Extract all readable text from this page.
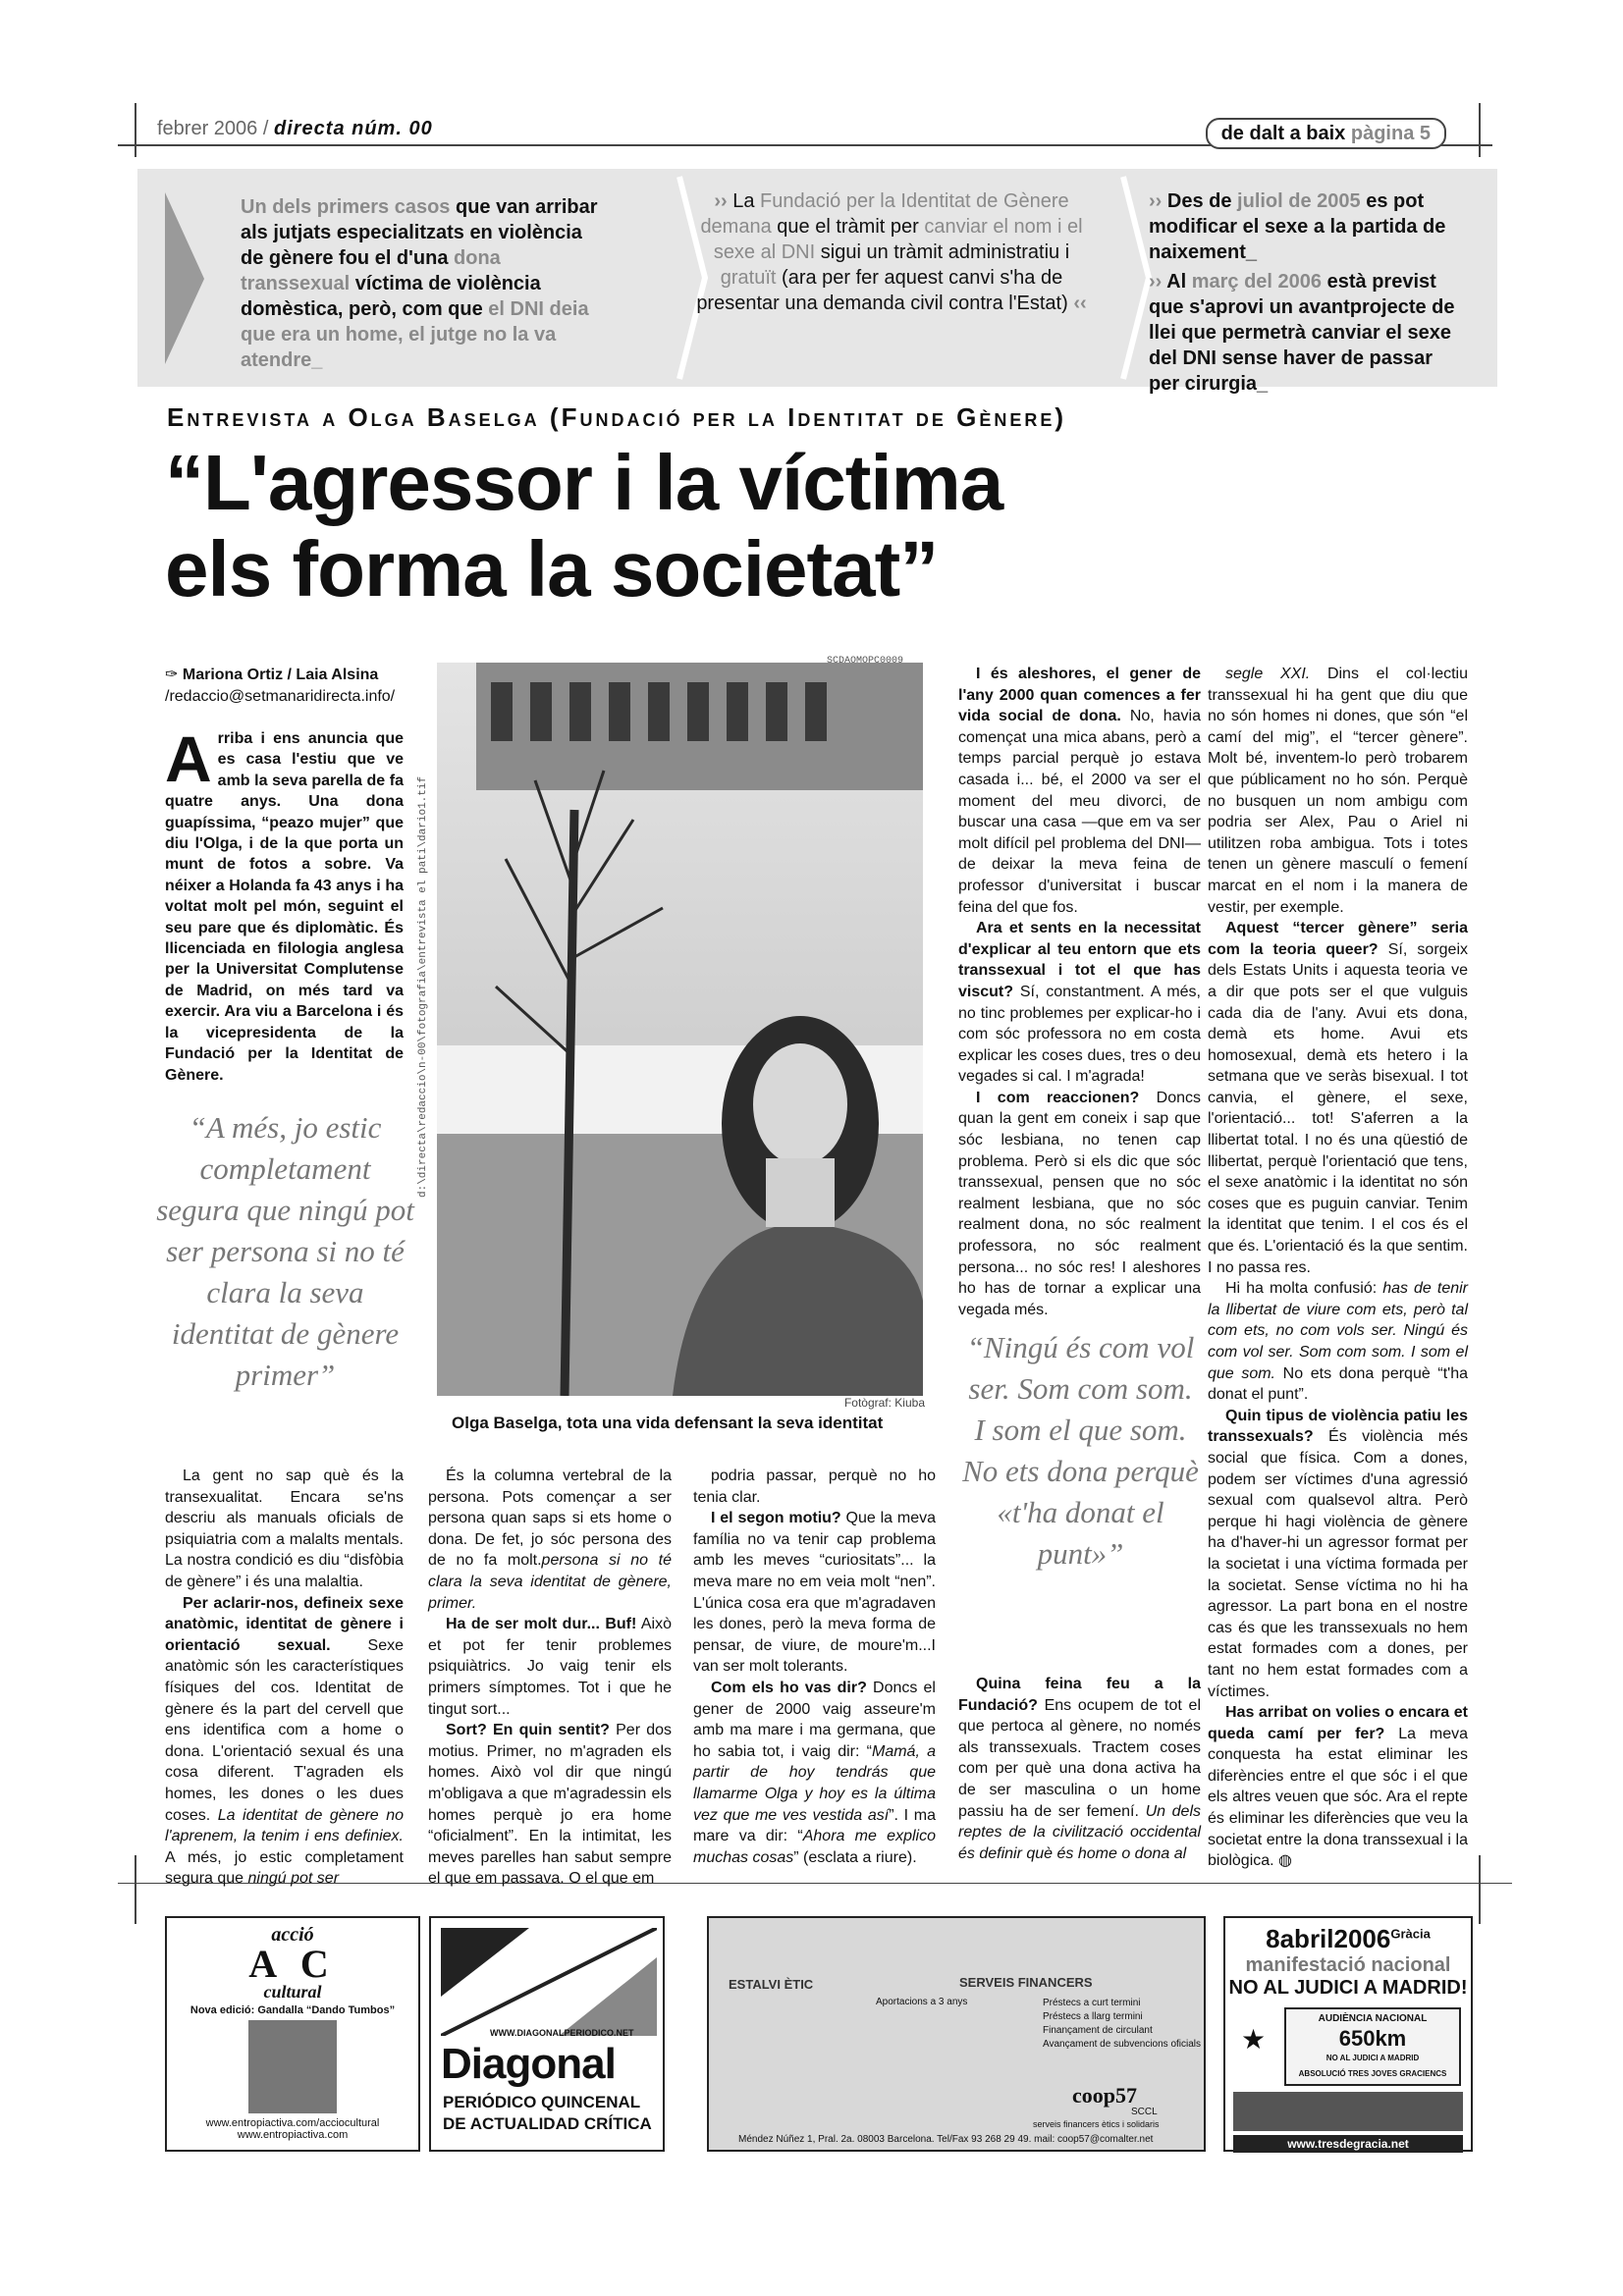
febrer 2006 / directa núm. 00	de dalt a baix pàgina 5
Un dels primers casos que van arribar als jutjats especialitzats en violència de gènere fou el d'una dona transsexual víctima de violència domèstica, però, com que el DNI deia que era un home, el jutge no la va atendre_
›› La Fundació per la Identitat de Gènere demana que el tràmit per canviar el nom i el sexe al DNI sigui un tràmit administratiu i gratuït (ara per fer aquest canvi s'ha de presentar una demanda civil contra l'Estat) ‹‹
›› Des de juliol de 2005 es pot modificar el sexe a la partida de naixement_
›› Al març del 2006 està previst que s'aprovi un avantprojecte de llei que permetrà canviar el sexe del DNI sense haver de passar per cirurgia_
Entrevista a Olga Baselga (Fundació per la Identitat de Gènere)
“L'agressor i la víctima
els forma la societat”
✑ Mariona Ortiz / Laia Alsina
/redaccio@setmanaridirecta.info/
Arriba i ens anuncia que es casa l'estiu que ve amb la seva parella de fa quatre anys. Una dona guapíssima, “peazo mujer” que diu l'Olga, i de la que porta un munt de fotos a sobre. Va néixer a Holanda fa 43 anys i ha voltat molt pel món, seguint el seu pare que és diplomàtic. És llicenciada en filologia anglesa per la Universitat Complutense de Madrid, on més tard va exercir. Ara viu a Barcelona i és la vicepresidenta de la Fundació per la Identitat de Gènere.
“A més, jo estic completament segura que ningú pot ser persona si no té clara la seva identitat de gènere primer”
d:\directa\redaccio\n-00\fotografia\entrevista el pati\dario1.tif
SCDAOMOPC0009
Fotògraf: Kiuba
Olga Baselga, tota una vida defensant la seva identitat

I és aleshores, el gener de l'any 2000 quan comences a fer vida social de dona. No, havia començat una mica abans, però a temps parcial perquè jo estava casada i... bé, el 2000 va ser el moment del meu divorci, de buscar una casa —que em va ser molt difícil pel problema del DNI— de deixar la meva feina de professor d'universitat i buscar feina del que fos.

Ara et sents en la necessitat d'explicar al teu entorn que ets transsexual i tot el que has viscut? Sí, constantment. A més, no tinc problemes per explicar-ho i com sóc professora no em costa explicar les coses dues, tres o deu vegades si cal. I m'agrada!

I com reaccionen? Doncs quan la gent em coneix i sap que sóc lesbiana, no tenen cap problema. Però si els dic que sóc transsexual, pensen que no sóc realment lesbiana, que no sóc realment dona, no sóc realment professora, no sóc realment persona... no sóc res! I aleshores ho has de tornar a explicar una vegada més.

“Ningú és com vol ser. Som com som. I som el que som. No ets dona perquè «t'ha donat el punt»”

Quina feina feu a la Fundació? Ens ocupem de tot el que pertoca al gènere, no només als transsexuals. Tractem coses com per què una dona activa ha de ser masculina o un home passiu ha de ser femení. Un dels reptes de la civilització occidental és definir què és home o dona al

segle XXI. Dins el col·lectiu transsexual hi ha gent que diu que no són homes ni dones, que són “el camí del mig”, el “tercer gènere”. Molt bé, inventem-lo però trobarem que públicament no ho són. Perquè no busquen un nom ambigu com podria ser Alex, Pau o Ariel ni utilitzen roba ambigua. Tots i totes tenen un gènere masculí o femení marcat en el nom i la manera de vestir, per exemple.

Aquest “tercer gènere” seria com la teoria queer? Sí, sorgeix dels Estats Units i aquesta teoria ve a dir que pots ser el que vulguis cada dia de l'any. Avui ets dona, demà ets home. Avui ets homosexual, demà ets hetero i la setmana que ve seràs bisexual. I tot canvia, el gènere, el sexe, l'orientació... tot! S'aferren a la llibertat total. I no és una qüestió de llibertat, perquè l'orientació que tens, el sexe anatòmic i la identitat no són coses que es puguin canviar. Tenim la identitat que tenim. I el cos és el que és. L'orientació és la que sentim. I no passa res.

Hi ha molta confusió: has de tenir la llibertat de viure com ets, però tal com ets, no com vols ser. Ningú és com vol ser. Som com som. I som el que som. No ets dona perquè “t'ha donat el punt”.

Quin tipus de violència patiu les transsexuals? És violència més social que física. Com a dones, podem ser víctimes d'una agressió sexual com qualsevol altra. Però perque hi hagi violència de gènere ha d'haver-hi un agressor format per la societat i una víctima formada per la societat. Sense víctima no hi ha agressor. La part bona en el nostre cas és que les transsexuals no hem estat formades com a dones, per tant no hem estat formades com a víctimes.

Has arribat on volies o encara et queda camí per fer? La meva conquesta ha estat eliminar les diferències entre el que sóc i el que els altres veuen que sóc. Ara el repte és eliminar les diferències que veu la societat entre la dona transsexual i la biològica. ◍

La gent no sap què és la transexualitat. Encara se'ns descriu als manuals oficials de psiquiatria com a malalts mentals. La nostra condició es diu “disfòbia de gènere” i és una malaltia.

Per aclarir-nos, defineix sexe anatòmic, identitat de gènere i orientació sexual. Sexe anatòmic són les característiques físiques del cos. Identitat de gènere és la part del cervell que ens identifica com a home o dona. L'orientació sexual és una cosa diferent. T'agraden els homes, les dones o les dues coses. La identitat de gènere no l'aprenem, la tenim i ens definiex. A més, jo estic completament segura que ningú pot ser

És la columna vertebral de la persona. Pots començar a ser persona quan saps si ets home o dona. De fet, jo sóc persona des de no fa molt.persona si no té clara la seva identitat de gènere, primer.

Ha de ser molt dur... Buf! Això et pot fer tenir problemes psiquiàtrics. Jo vaig tenir els primers símptomes. Tot i que he tingut sort...

Sort? En quin sentit? Per dos motius. Primer, no m'agraden els homes. Això vol dir que ningú m'obligava a que m'agradessin els homes perquè jo era home “oficialment”. En la intimitat, les meves parelles han sabut sempre el que em passava. O el que em

podria passar, perquè no ho tenia clar.

I el segon motiu? Que la meva família no va tenir cap problema amb les meves “curiositats”... la meva mare no em veia molt “nen”. L'única cosa era que m'agradaven les dones, però la meva forma de pensar, de viure, de moure'm...I van ser molt tolerants.

Com els ho vas dir? Doncs el gener de 2000 vaig asseure'm amb ma mare i ma germana, que ho sabia tot, i vaig dir: “Mamá, a partir de hoy tendrás que llamarme Olga y hoy es la última vez que me ves vestida así”. I ma mare va dir: “Ahora me explico muchas cosas” (esclata a riure).

acció
A C
cultural
Nova edició: Gandalla “Dando Tumbos”
www.entropiactiva.com/acciocultural
www.entropiactiva.com
WWW.DIAGONALPERIODICO.NET
Diagonal
PERIÓDICO QUINCENAL
DE ACTUALIDAD CRÍTICA
ESTALVI ÈTIC	SERVEIS FINANCERS
Aportacions a 3 anys	Préstecs a curt termini
Préstecs a llarg termini
Finançament de circulant
Avançament de subvencions oficials
coop57
SCCL
serveis financers ètics i solidaris
Méndez Núñez 1, Pral. 2a. 08003 Barcelona. Tel/Fax 93 268 29 49. mail: coop57@comalter.net
$8abril2006^{Gràcia}$
manifestació nacional
NO AL JUDICI A MADRID!
★
AUDIÈNCIA NACIONAL
650km
NO AL JUDICI A MADRID
ABSOLUCIÓ TRES JOVES GRACIENCS
www.tresdegracia.net
